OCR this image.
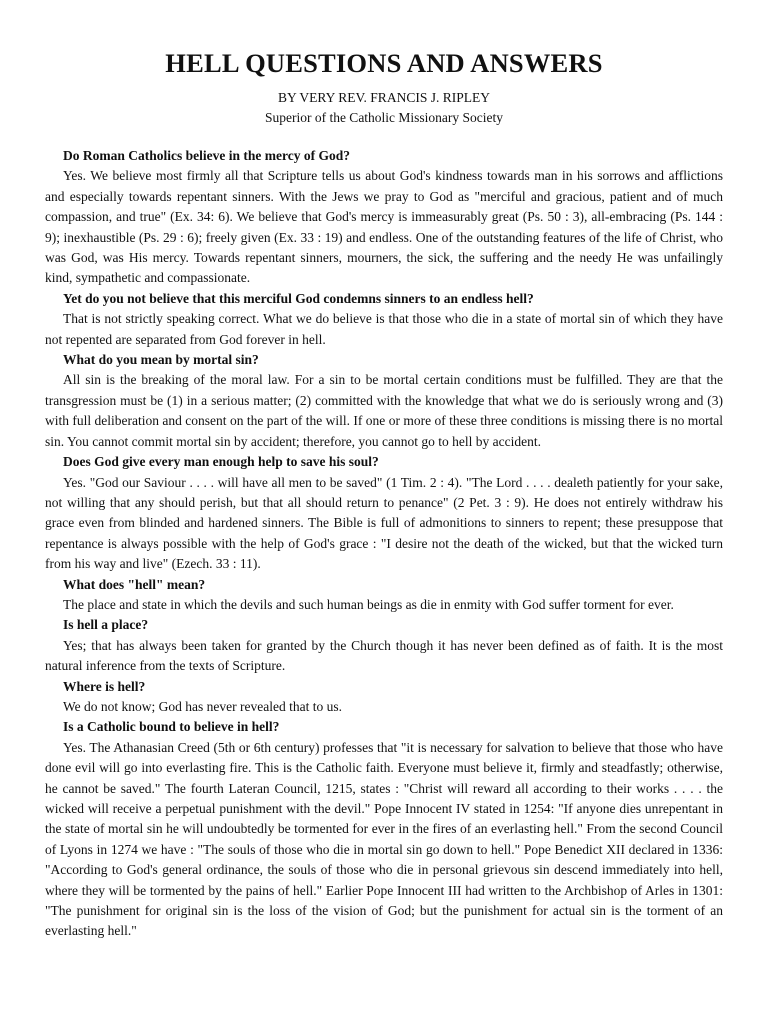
HELL QUESTIONS AND ANSWERS

BY VERY REV. FRANCIS J. RIPLEY

Superior of the Catholic Missionary Society

Do Roman Catholics believe in the mercy of God?

Yes. We believe most firmly all that Scripture tells us about God's kindness towards man in his sorrows and afflictions and especially towards repentant sinners. With the Jews we pray to God as "merciful and gracious, patient and of much compassion, and true" (Ex. 34: 6). We believe that God's mercy is immeasurably great (Ps. 50 : 3), all-embracing (Ps. 144 : 9); inexhaustible (Ps. 29 : 6); freely given (Ex. 33 : 19) and endless. One of the outstanding features of the life of Christ, who was God, was His mercy. Towards repentant sinners, mourners, the sick, the suffering and the needy He was unfailingly kind, sympathetic and compassionate.

Yet do you not believe that this merciful God condemns sinners to an endless hell?

That is not strictly speaking correct. What we do believe is that those who die in a state of mortal sin of which they have not repented are separated from God forever in hell.

What do you mean by mortal sin?

All sin is the breaking of the moral law. For a sin to be mortal certain conditions must be fulfilled. They are that the transgression must be (1) in a serious matter; (2) committed with the knowledge that what we do is seriously wrong and (3) with full deliberation and consent on the part of the will. If one or more of these three conditions is missing there is no mortal sin. You cannot commit mortal sin by accident; therefore, you cannot go to hell by accident.

Does God give every man enough help to save his soul?

Yes. "God our Saviour . . . . will have all men to be saved" (1 Tim. 2 : 4). "The Lord . . . . dealeth patiently for your sake, not willing that any should perish, but that all should return to penance" (2 Pet. 3 : 9). He does not entirely withdraw his grace even from blinded and hardened sinners. The Bible is full of admonitions to sinners to repent; these presuppose that repentance is always possible with the help of God's grace : "I desire not the death of the wicked, but that the wicked turn from his way and live" (Ezech. 33 : 11).

What does "hell" mean?

The place and state in which the devils and such human beings as die in enmity with God suffer torment for ever.

Is hell a place?

Yes; that has always been taken for granted by the Church though it has never been defined as of faith. It is the most natural inference from the texts of Scripture.

Where is hell?

We do not know; God has never revealed that to us.

Is a Catholic bound to believe in hell?

Yes. The Athanasian Creed (5th or 6th century) professes that "it is necessary for salvation to believe that those who have done evil will go into everlasting fire. This is the Catholic faith. Everyone must believe it, firmly and steadfastly; otherwise, he cannot be saved." The fourth Lateran Council, 1215, states : "Christ will reward all according to their works . . . . the wicked will receive a perpetual punishment with the devil." Pope Innocent IV stated in 1254: "If anyone dies unrepentant in the state of mortal sin he will undoubtedly be tormented for ever in the fires of an everlasting hell." From the second Council of Lyons in 1274 we have : "The souls of those who die in mortal sin go down to hell." Pope Benedict XII declared in 1336: "According to God's general ordinance, the souls of those who die in personal grievous sin descend immediately into hell, where they will be tormented by the pains of hell." Earlier Pope Innocent III had written to the Archbishop of Arles in 1301: "The punishment for original sin is the loss of the vision of God; but the punishment for actual sin is the torment of an everlasting hell."
